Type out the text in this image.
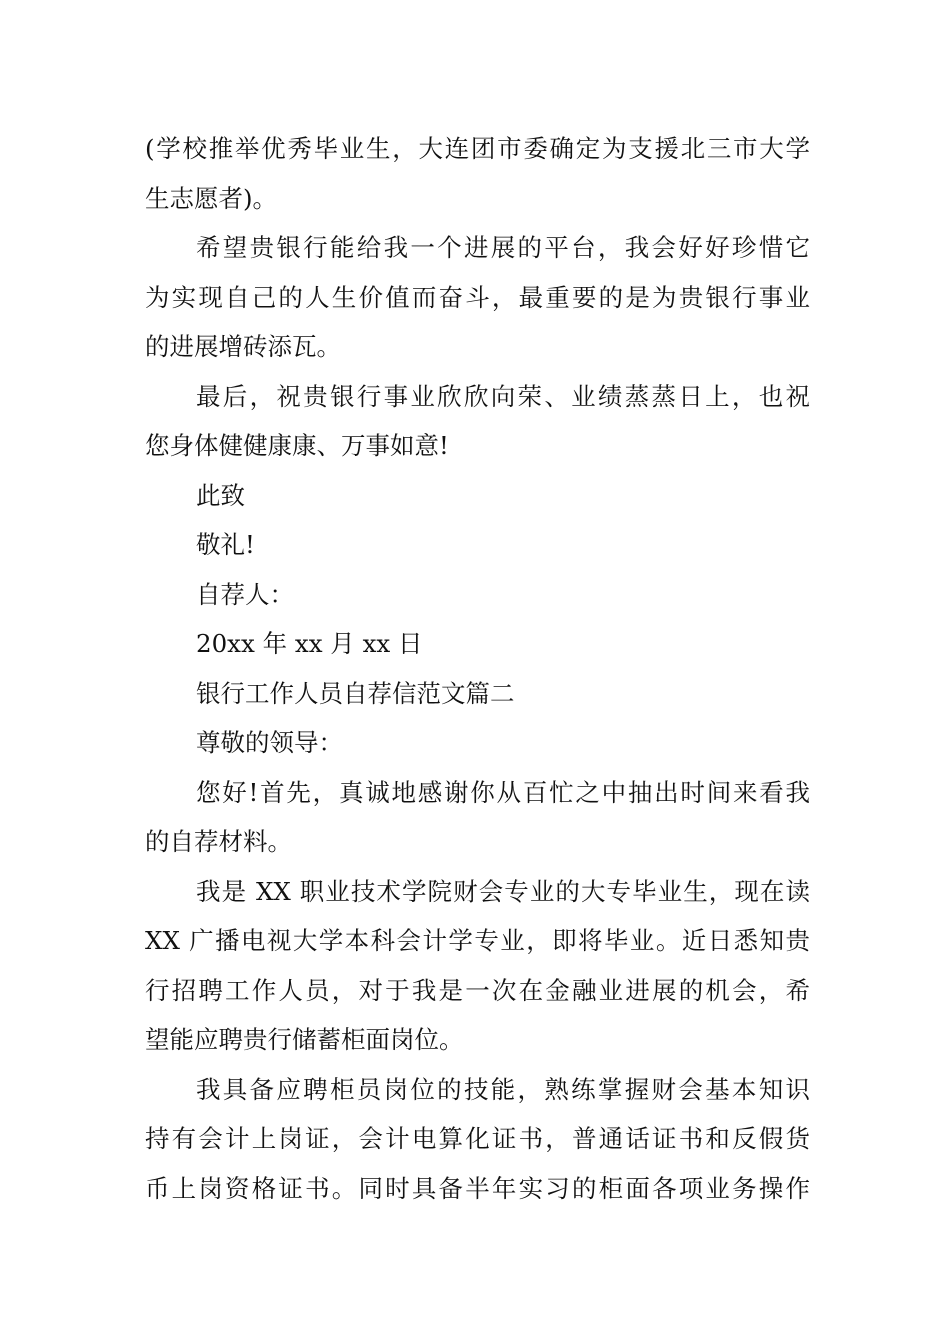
(学校推举优秀毕业生，大连团市委确定为支援北三市大学
生志愿者)。
希望贵银行能给我一个进展的平台，我会好好珍惜它
为实现自己的人生价值而奋斗，最重要的是为贵银行事业
的进展增砖添瓦。
最后，祝贵银行事业欣欣向荣、业绩蒸蒸日上，也祝
您身体健健康康、万事如意!
此致
敬礼!
自荐人：
20xx 年 xx 月 xx 日
银行工作人员自荐信范文篇二
尊敬的领导：
您好!首先，真诚地感谢你从百忙之中抽出时间来看我
的自荐材料。
我是 XX 职业技术学院财会专业的大专毕业生，现在读
XX 广播电视大学本科会计学专业，即将毕业。近日悉知贵
行招聘工作人员，对于我是一次在金融业进展的机会，希
望能应聘贵行储蓄柜面岗位。
我具备应聘柜员岗位的技能，熟练掌握财会基本知识
持有会计上岗证，会计电算化证书，普通话证书和反假货
币上岗资格证书。同时具备半年实习的柜面各项业务操作
